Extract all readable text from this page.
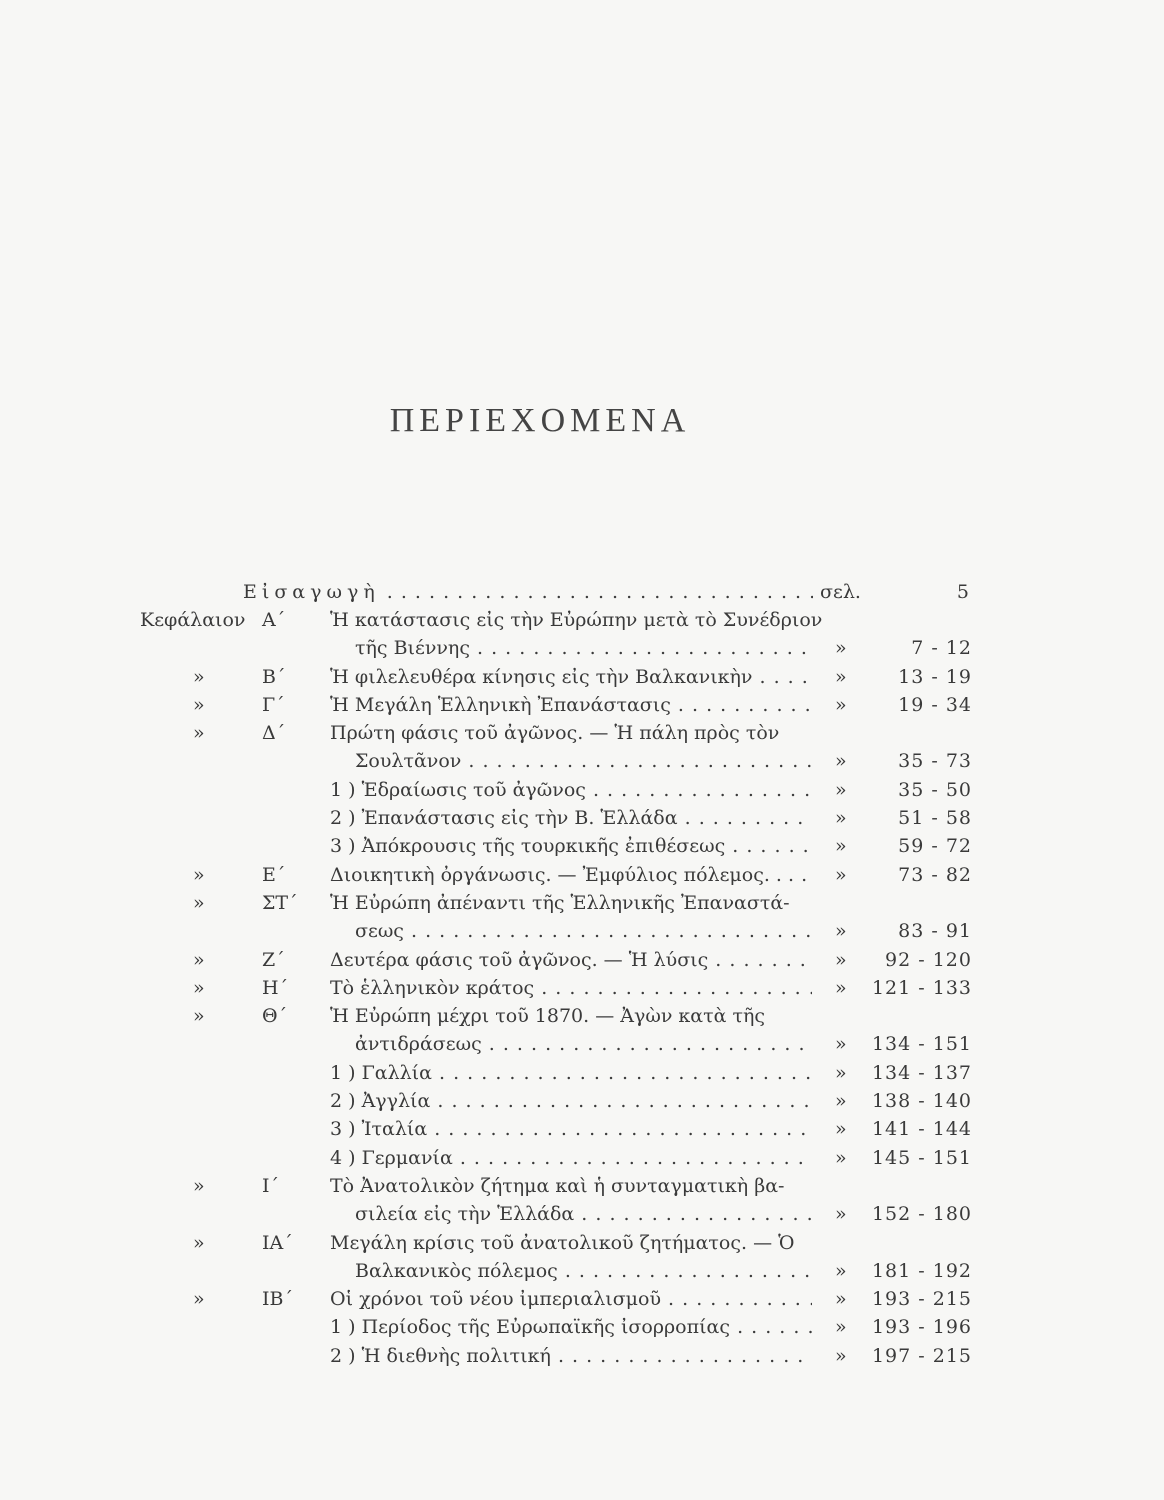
ΠΕΡΙΕΧΟΜΕΝΑ
Εἰσαγωγὴ . . .	σελ.	5
Κεφάλαιον Α΄	Ἡ κατάστασις εἰς τὴν Εὐρώπην μετὰ τὸ Συνέδριον
τῆς Βιέννης . . .	»	7 - 12
»	Β΄	Ἡ φιλελευθέρα κίνησις εἰς τὴν Βαλκανικὴν . . .	»	13 - 19
»	Γ΄	Ἡ Μεγάλη Ἑλληνικὴ Ἐπανάστασις . . .	»	19 - 34
»	Δ΄	Πρώτη φάσις τοῦ ἀγῶνος. — Ἡ πάλη πρὸς τὸν
Σουλτᾶνον . . .	»	35 - 73
1 ) Ἑδραίωσις τοῦ ἀγῶνος . . .	»	35 - 50
2 ) Ἐπανάστασις εἰς τὴν Β. Ἑλλάδα . . .	»	51 - 58
3 ) Ἀπόκρουσις τῆς τουρκικῆς ἐπιθέσεως . . .	»	59 - 72
»	Ε΄	Διοικητικὴ ὀργάνωσις. — Ἐμφύλιος πόλεμος. . . . . .	»	73 - 82
»	ΣΤ΄	Ἡ Εὐρώπη ἀπέναντι τῆς Ἑλληνικῆς Ἐπαναστά-
σεως . . .	»	83 - 91
»	Ζ΄	Δευτέρα φάσις τοῦ ἀγῶνος. — Ἡ λύσις . . .	»	92 - 120
»	Η΄	Τὸ ἑλληνικὸν κράτος . . .	»	121 - 133
»	Θ΄	Ἡ Εὐρώπη μέχρι τοῦ 1870. — Ἀγὼν κατὰ τῆς
ἀντιδράσεως . . .	»	134 - 151
1 ) Γαλλία . . .	»	134 - 137
2 ) Ἀγγλία . . .	»	138 - 140
3 ) Ἰταλία . . .	»	141 - 144
4 ) Γερμανία . . .	»	145 - 151
»	Ι΄	Τὸ Ἀνατολικὸν ζήτημα καὶ ἡ συνταγματικὴ βα-
σιλεία εἰς τὴν Ἑλλάδα . . .	»	152 - 180
»	ΙΑ΄	Μεγάλη κρίσις τοῦ ἀνατολικοῦ ζητήματος. — Ὁ
Βαλκανικὸς πόλεμος . . .	»	181 - 192
»	ΙΒ΄	Οἱ χρόνοι τοῦ νέου ἰμπεριαλισμοῦ . . .	»	193 - 215
1 ) Περίοδος τῆς Εὐρωπαϊκῆς ἰσορροπίας . . .	»	193 - 196
2 ) Ἡ διεθνὴς πολιτική . . .	»	197 - 215
